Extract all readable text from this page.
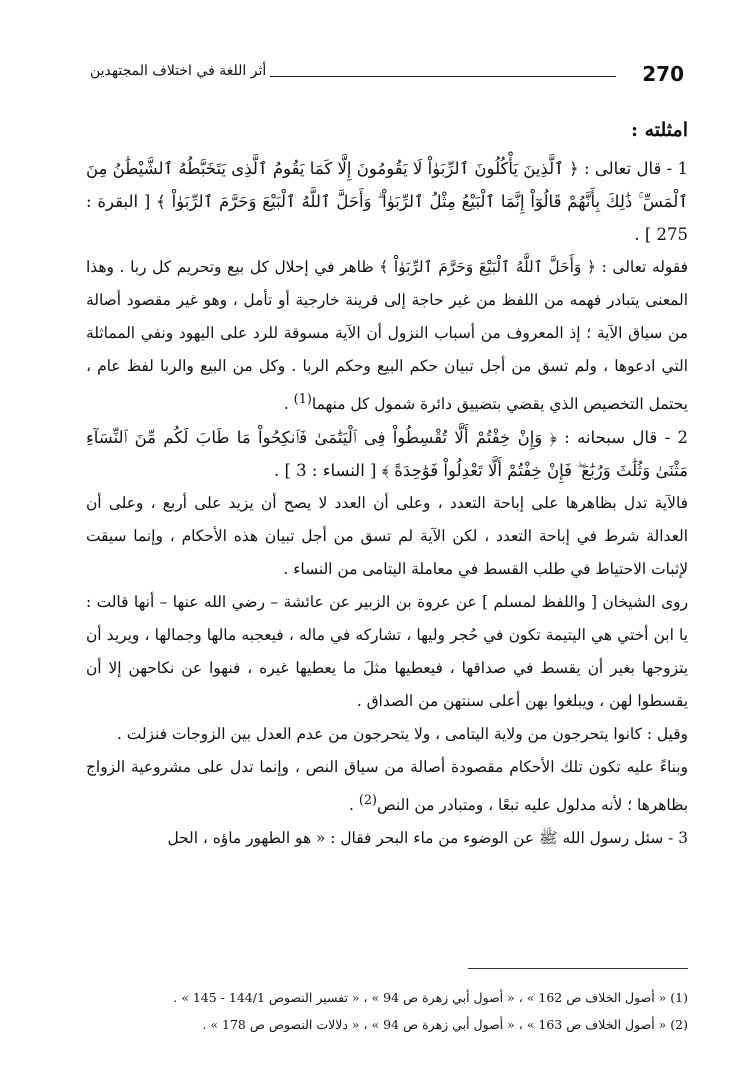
أثر اللغة في اختلاف المجتهدين	270

امثلته :

1 - قال تعالى : ﴿ ٱلَّذِينَ يَأْكُلُونَ ٱلرِّبَوٰاْ لَا يَقُومُونَ إِلَّا كَمَا يَقُومُ ٱلَّذِى يَتَخَبَّطُهُ ٱلشَّيْطَٰنُ مِنَ ٱلْمَسِّ ۚ ذَٰلِكَ بِأَنَّهُمْ قَالُوٓاْ إِنَّمَا ٱلْبَيْعُ مِثْلُ ٱلرِّبَوٰاْ ۗ وَأَحَلَّ ٱللَّهُ ٱلْبَيْعَ وَحَرَّمَ ٱلرِّبَوٰاْ ﴾ [ البقرة : 275 ] .

فقوله تعالى : ﴿ وَأَحَلَّ ٱللَّهُ ٱلْبَيْعَ وَحَرَّمَ ٱلرِّبَوٰاْ ﴾ ظاهر في إحلال كل بيع وتحريم كل ربا . وهذا المعنى يتبادر فهمه من اللفظ من غير حاجة إلى قرينة خارجية أو تأمل ، وهو غير مقصود أصالة من سياق الآية ؛ إذ المعروف من أسباب النزول أن الآية مسوقة للرد على اليهود ونفي المماثلة التي ادعوها ، ولم تسق من أجل تبيان حكم البيع وحكم الربا . وكل من البيع والربا لفظ عام ، يحتمل التخصيص الذي يقضي بتضييق دائرة شمول كل منهما$^{(1)}$ .

2 - قال سبحانه : ﴿ وَإِنْ خِفْتُمْ أَلَّا تُقْسِطُواْ فِى ٱلْيَتَٰمَىٰ فَٱنكِحُواْ مَا طَابَ لَكُم مِّنَ ٱلنِّسَآءِ مَثْنَىٰ وَثُلَٰثَ وَرُبَٰعَ ۖ فَإِنْ خِفْتُمْ أَلَّا تَعْدِلُواْ فَوَٰحِدَةً ﴾ [ النساء : 3 ] .

فالآية تدل بظاهرها على إباحة التعدد ، وعلى أن العدد لا يصح أن يزيد على أربع ، وعلى أن العدالة شرط في إباحة التعدد ، لكن الآية لم تسق من أجل تبيان هذه الأحكام ، وإنما سيقت لإثبات الاحتياط في طلب القسط في معاملة اليتامى من النساء .

روى الشيخان [ واللفظ لمسلم ] عن عروة بن الزبير عن عائشة – رضي الله عنها – أنها قالت : يا ابن أختي هي اليتيمة تكون في حُجر وليها ، تشاركه في ماله ، فيعجبه مالها وجمالها ، ويريد أن يتزوجها بغير أن يقسط في صداقها ، فيعطيها مثلَ ما يعطيها غيره ، فنهوا عن نكاحهن إلا أن يقسطوا لهن ، ويبلغوا بهن أعلى سنتهن من الصداق .

وقيل : كانوا يتحرجون من ولاية اليتامى ، ولا يتحرجون من عدم العدل بين الزوجات فنزلت .

وبناءً عليه تكون تلك الأحكام مقصودة أصالة من سياق النص ، وإنما تدل على مشروعية الزواج بظاهرها ؛ لأنه مدلول عليه تبعًا ، ومتبادر من النص$^{(2)}$ .

3 - سئل رسول الله ﷺ عن الوضوء من ماء البحر فقال : « هو الطهور ماؤه ، الحل

(1) « أصول الخلاف ص 162 » ، « أصول أبي زهرة ص 94 » ، « تفسير النصوص 144/1 - 145 » .

(2) « أصول الخلاف ص 163 » ، « أصول أبي زهرة ص 94 » ، « دلالات النصوص ص 178 » .
